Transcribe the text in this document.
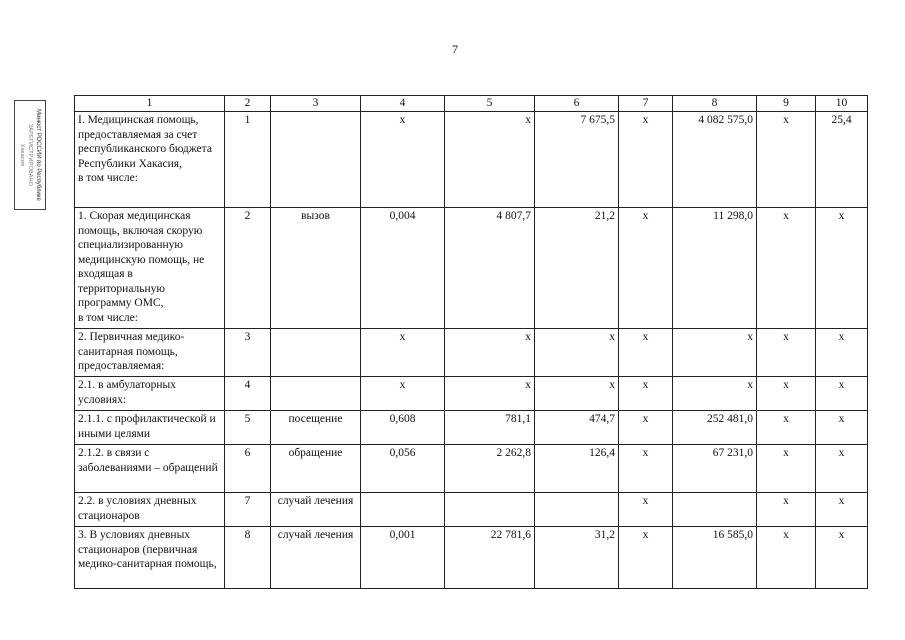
7
Минюст РОССИИ по Республике
ЗАРЕГИСТРИРОВАНО
Хакасия
1	2	3	4	5	6	7	8	9	10
I. Медицинская помощь, предоставляемая за счет республиканского бюджета Республики Хакасия,
в том числе:	1		х	х	7 675,5	х	4 082 575,0	х	25,4
1. Скорая медицинская помощь, включая скорую специализированную медицинскую помощь, не входящая в территориальную программу ОМС,
в том числе:	2	вызов	0,004	4 807,7	21,2	х	11 298,0	х	х
2. Первичная медико-санитарная помощь, предоставляемая:	3		х	х	х	х	х	х	х
2.1. в амбулаторных условиях:	4		х	х	х	х	х	х	х
2.1.1. с профилактической и иными целями	5	посещение	0,608	781,1	474,7	х	252 481,0	х	х
2.1.2. в связи с заболеваниями – обращений	6	обращение	0,056	2 262,8	126,4	х	67 231,0	х	х
2.2. в условиях дневных стационаров	7	случай лечения				х		х	х
3. В условиях дневных стационаров (первичная медико-санитарная помощь,	8	случай лечения	0,001	22 781,6	31,2	х	16 585,0	х	х
